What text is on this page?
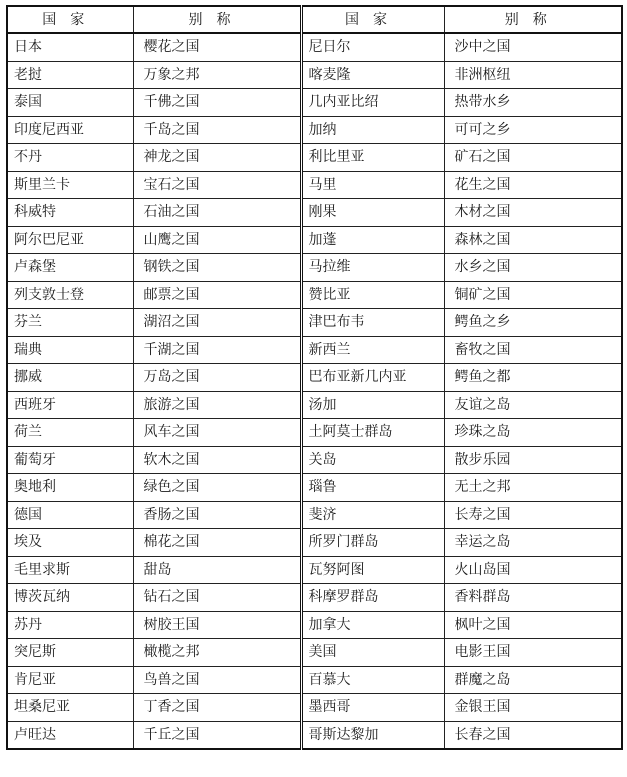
国家	别称	国家	别称
日本	樱花之国	尼日尔	沙中之国
老挝	万象之邦	喀麦隆	非洲枢纽
泰国	千佛之国	几内亚比绍	热带水乡
印度尼西亚	千岛之国	加纳	可可之乡
不丹	神龙之国	利比里亚	矿石之国
斯里兰卡	宝石之国	马里	花生之国
科威特	石油之国	刚果	木材之国
阿尔巴尼亚	山鹰之国	加蓬	森林之国
卢森堡	钢铁之国	马拉维	水乡之国
列支敦士登	邮票之国	赞比亚	铜矿之国
芬兰	湖沼之国	津巴布韦	鳄鱼之乡
瑞典	千湖之国	新西兰	畜牧之国
挪威	万岛之国	巴布亚新几内亚	鳄鱼之都
西班牙	旅游之国	汤加	友谊之岛
荷兰	风车之国	土阿莫士群岛	珍珠之岛
葡萄牙	软木之国	关岛	散步乐园
奥地利	绿色之国	瑙鲁	无土之邦
德国	香肠之国	斐济	长寿之国
埃及	棉花之国	所罗门群岛	幸运之岛
毛里求斯	甜岛	瓦努阿图	火山岛国
博茨瓦纳	钻石之国	科摩罗群岛	香料群岛
苏丹	树胶王国	加拿大	枫叶之国
突尼斯	橄榄之邦	美国	电影王国
肯尼亚	鸟兽之国	百慕大	群魔之岛
坦桑尼亚	丁香之国	墨西哥	金银王国
卢旺达	千丘之国	哥斯达黎加	长春之国
